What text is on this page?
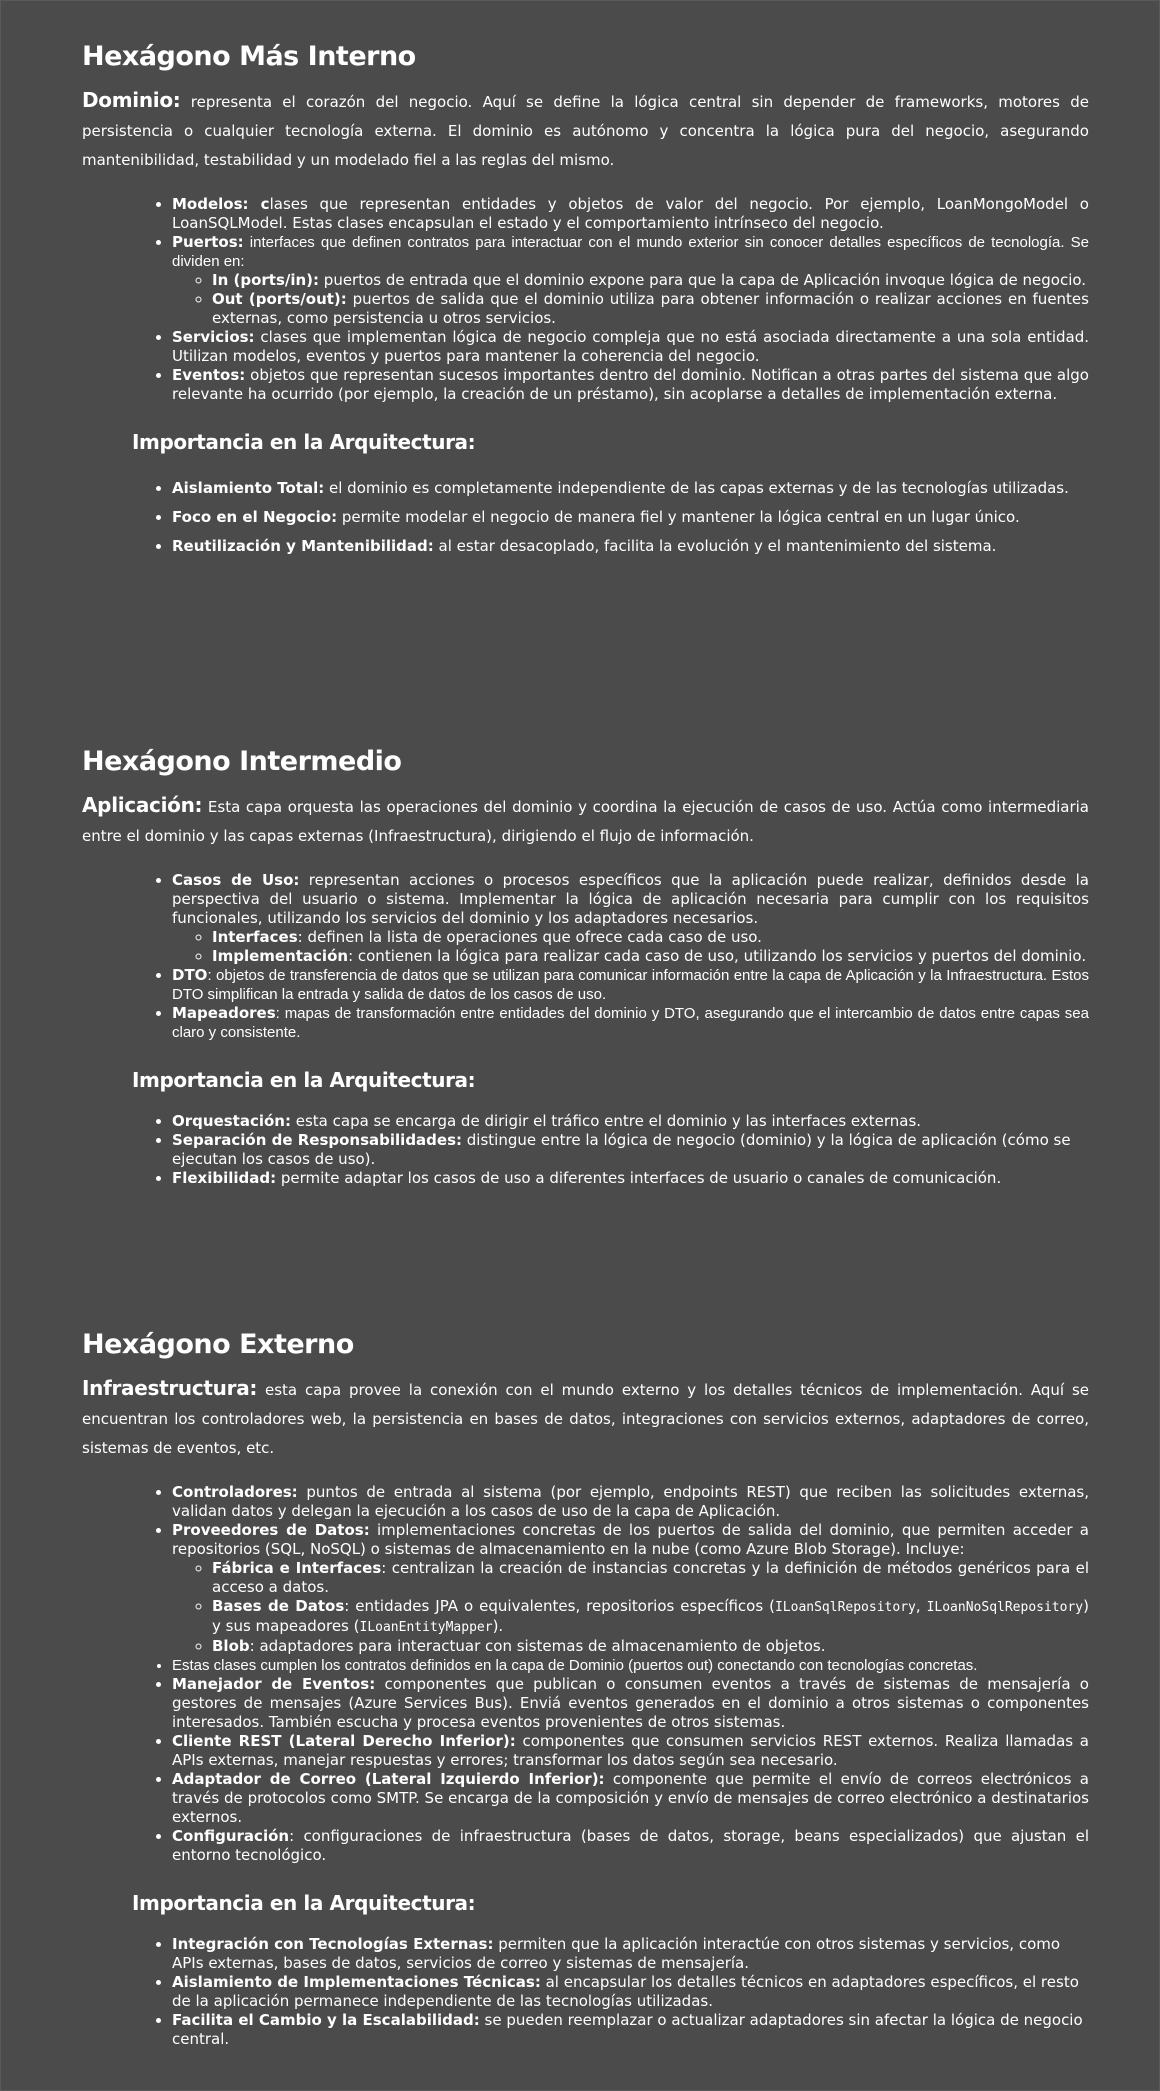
Hexágono Más Interno

Dominio: representa el corazón del negocio. Aquí se define la lógica central sin depender de frameworks, motores de persistencia o cualquier tecnología externa. El dominio es autónomo y concentra la lógica pura del negocio, asegurando mantenibilidad, testabilidad y un modelado fiel a las reglas del mismo.

• Modelos: clases que representan entidades y objetos de valor del negocio. Por ejemplo, LoanMongoModel o LoanSQLModel. Estas clases encapsulan el estado y el comportamiento intrínseco del negocio.
• Puertos: interfaces que definen contratos para interactuar con el mundo exterior sin conocer detalles específicos de tecnología. Se dividen en:
◦ In (ports/in): puertos de entrada que el dominio expone para que la capa de Aplicación invoque lógica de negocio.
◦ Out (ports/out): puertos de salida que el dominio utiliza para obtener información o realizar acciones en fuentes externas, como persistencia u otros servicios.
• Servicios: clases que implementan lógica de negocio compleja que no está asociada directamente a una sola entidad. Utilizan modelos, eventos y puertos para mantener la coherencia del negocio.
• Eventos: objetos que representan sucesos importantes dentro del dominio. Notifican a otras partes del sistema que algo relevante ha ocurrido (por ejemplo, la creación de un préstamo), sin acoplarse a detalles de implementación externa.
Importancia en la Arquitectura:
• Aislamiento Total: el dominio es completamente independiente de las capas externas y de las tecnologías utilizadas.
• Foco en el Negocio: permite modelar el negocio de manera fiel y mantener la lógica central en un lugar único.
• Reutilización y Mantenibilidad: al estar desacoplado, facilita la evolución y el mantenimiento del sistema.
Hexágono Intermedio

Aplicación: Esta capa orquesta las operaciones del dominio y coordina la ejecución de casos de uso. Actúa como intermediaria entre el dominio y las capas externas (Infraestructura), dirigiendo el flujo de información.

• Casos de Uso: representan acciones o procesos específicos que la aplicación puede realizar, definidos desde la perspectiva del usuario o sistema. Implementar la lógica de aplicación necesaria para cumplir con los requisitos funcionales, utilizando los servicios del dominio y los adaptadores necesarios.
◦ Interfaces: definen la lista de operaciones que ofrece cada caso de uso.
◦ Implementación: contienen la lógica para realizar cada caso de uso, utilizando los servicios y puertos del dominio.
• DTO: objetos de transferencia de datos que se utilizan para comunicar información entre la capa de Aplicación y la Infraestructura. Estos DTO simplifican la entrada y salida de datos de los casos de uso.
• Mapeadores: mapas de transformación entre entidades del dominio y DTO, asegurando que el intercambio de datos entre capas sea claro y consistente.
Importancia en la Arquitectura:
• Orquestación: esta capa se encarga de dirigir el tráfico entre el dominio y las interfaces externas.
• Separación de Responsabilidades: distingue entre la lógica de negocio (dominio) y la lógica de aplicación (cómo se ejecutan los casos de uso).
• Flexibilidad: permite adaptar los casos de uso a diferentes interfaces de usuario o canales de comunicación.
Hexágono Externo

Infraestructura: esta capa provee la conexión con el mundo externo y los detalles técnicos de implementación. Aquí se encuentran los controladores web, la persistencia en bases de datos, integraciones con servicios externos, adaptadores de correo, sistemas de eventos, etc.

• Controladores: puntos de entrada al sistema (por ejemplo, endpoints REST) que reciben las solicitudes externas, validan datos y delegan la ejecución a los casos de uso de la capa de Aplicación.
• Proveedores de Datos: implementaciones concretas de los puertos de salida del dominio, que permiten acceder a repositorios (SQL, NoSQL) o sistemas de almacenamiento en la nube (como Azure Blob Storage). Incluye:
◦ Fábrica e Interfaces: centralizan la creación de instancias concretas y la definición de métodos genéricos para el acceso a datos.
◦ Bases de Datos: entidades JPA o equivalentes, repositorios específicos (ILoanSqlRepository, ILoanNoSqlRepository) y sus mapeadores (ILoanEntityMapper).
◦ Blob: adaptadores para interactuar con sistemas de almacenamiento de objetos.
• Estas clases cumplen los contratos definidos en la capa de Dominio (puertos out) conectando con tecnologías concretas.
• Manejador de Eventos: componentes que publican o consumen eventos a través de sistemas de mensajería o gestores de mensajes (Azure Services Bus). Enviá eventos generados en el dominio a otros sistemas o componentes interesados. También escucha y procesa eventos provenientes de otros sistemas.
• Cliente REST (Lateral Derecho Inferior): componentes que consumen servicios REST externos. Realiza llamadas a APIs externas, manejar respuestas y errores; transformar los datos según sea necesario.
• Adaptador de Correo (Lateral Izquierdo Inferior): componente que permite el envío de correos electrónicos a través de protocolos como SMTP. Se encarga de la composición y envío de mensajes de correo electrónico a destinatarios externos.
• Configuración: configuraciones de infraestructura (bases de datos, storage, beans especializados) que ajustan el entorno tecnológico.
Importancia en la Arquitectura:
• Integración con Tecnologías Externas: permiten que la aplicación interactúe con otros sistemas y servicios, como APIs externas, bases de datos, servicios de correo y sistemas de mensajería.
• Aislamiento de Implementaciones Técnicas: al encapsular los detalles técnicos en adaptadores específicos, el resto de la aplicación permanece independiente de las tecnologías utilizadas.
• Facilita el Cambio y la Escalabilidad: se pueden reemplazar o actualizar adaptadores sin afectar la lógica de negocio central.
